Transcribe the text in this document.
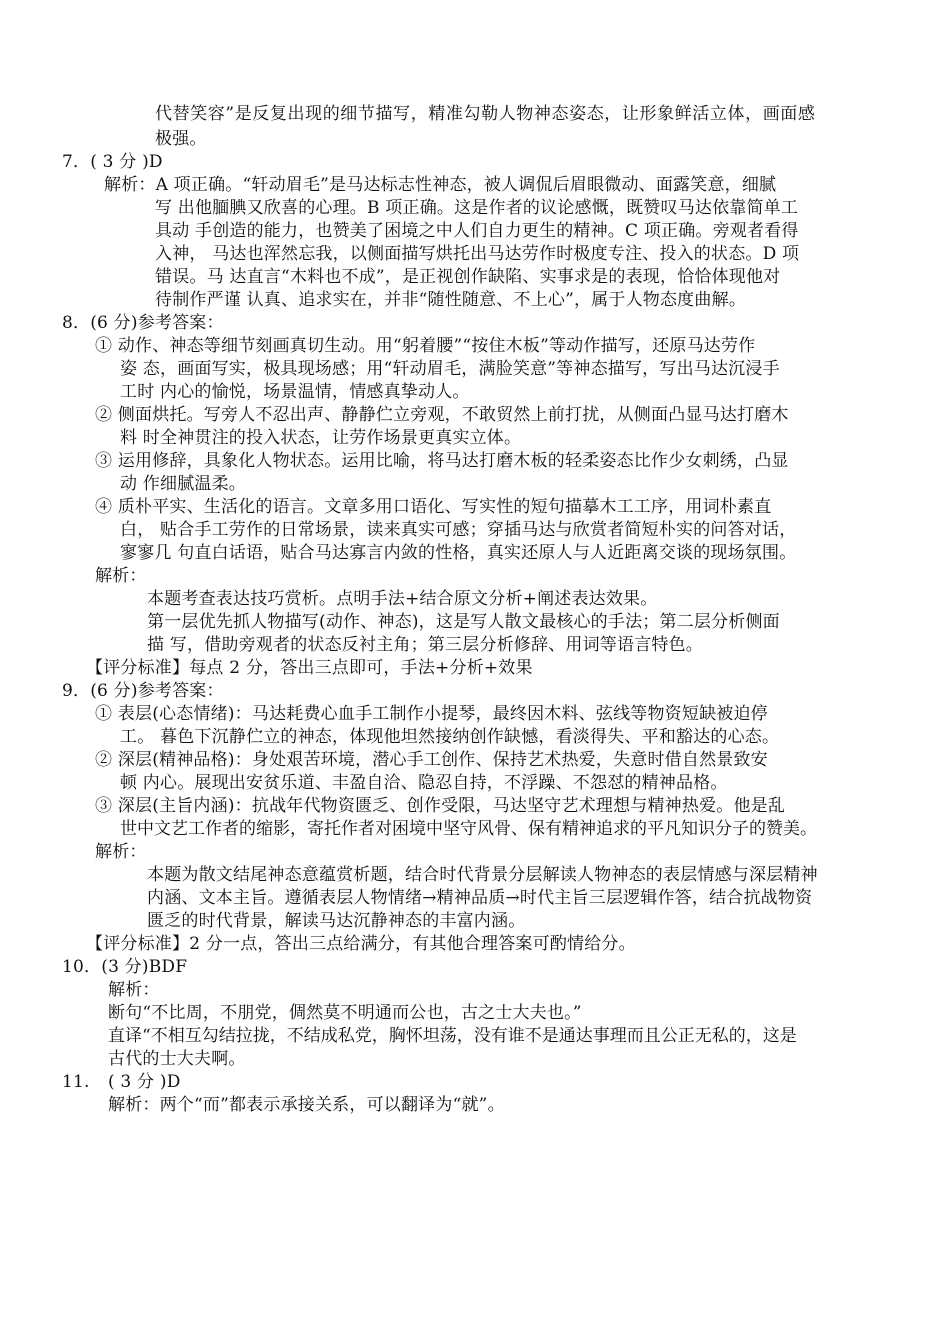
代替笑容”是反复出现的细节描写，精准勾勒人物神态姿态，让形象鲜活立体，画面感
极强。
7．( 3 分 )D
解析：A 项正确。“轩动眉毛”是马达标志性神态，被人调侃后眉眼微动、面露笑意，细腻
写 出他腼腆又欣喜的心理。B 项正确。这是作者的议论感慨，既赞叹马达依靠简单工
具动 手创造的能力，也赞美了困境之中人们自力更生的精神。C 项正确。旁观者看得
入神， 马达也浑然忘我，以侧面描写烘托出马达劳作时极度专注、投入的状态。D 项
错误。马 达直言“木料也不成”，是正视创作缺陷、实事求是的表现，恰恰体现他对
待制作严谨 认真、追求实在，并非“随性随意、不上心”，属于人物态度曲解。
8．(6 分)参考答案：
① 动作、神态等细节刻画真切生动。用“躬着腰”“按住木板”等动作描写，还原马达劳作
姿 态，画面写实，极具现场感；用“轩动眉毛，满脸笑意”等神态描写，写出马达沉浸手
工时 内心的愉悦，场景温情，情感真挚动人。
② 侧面烘托。写旁人不忍出声、静静伫立旁观，不敢贸然上前打扰，从侧面凸显马达打磨木
料 时全神贯注的投入状态，让劳作场景更真实立体。
③ 运用修辞，具象化人物状态。运用比喻，将马达打磨木板的轻柔姿态比作少女刺绣，凸显
动 作细腻温柔。
④ 质朴平实、生活化的语言。文章多用口语化、写实性的短句描摹木工工序，用词朴素直
白， 贴合手工劳作的日常场景，读来真实可感；穿插马达与欣赏者简短朴实的问答对话，
寥寥几 句直白话语，贴合马达寡言内敛的性格，真实还原人与人近距离交谈的现场氛围。
解析：
本题考查表达技巧赏析。点明手法+结合原文分析+阐述表达效果。
第一层优先抓人物描写(动作、神态)，这是写人散文最核心的手法；第二层分析侧面
描 写，借助旁观者的状态反衬主角；第三层分析修辞、用词等语言特色。
【评分标准】每点 2 分，答出三点即可，手法+分析+效果
9．(6 分)参考答案：
① 表层(心态情绪)：马达耗费心血手工制作小提琴，最终因木料、弦线等物资短缺被迫停
工。 暮色下沉静伫立的神态，体现他坦然接纳创作缺憾，看淡得失、平和豁达的心态。
② 深层(精神品格)：身处艰苦环境，潜心手工创作、保持艺术热爱，失意时借自然景致安
顿 内心。展现出安贫乐道、丰盈自洽、隐忍自持，不浮躁、不怨怼的精神品格。
③ 深层(主旨内涵)：抗战年代物资匮乏、创作受限，马达坚守艺术理想与精神热爱。他是乱
世中文艺工作者的缩影，寄托作者对困境中坚守风骨、保有精神追求的平凡知识分子的赞美。
解析：
本题为散文结尾神态意蕴赏析题，结合时代背景分层解读人物神态的表层情感与深层精神
内涵、文本主旨。遵循表层人物情绪→精神品质→时代主旨三层逻辑作答，结合抗战物资
匮乏的时代背景，解读马达沉静神态的丰富内涵。
【评分标准】2 分一点，答出三点给满分，有其他合理答案可酌情给分。
10．(3 分)BDF
解析：
断句“不比周，不朋党，倜然莫不明通而公也，古之士大夫也。”
直译“不相互勾结拉拢，不结成私党，胸怀坦荡，没有谁不是通达事理而且公正无私的，这是
古代的士大夫啊。
11. ( 3 分 )D
解析：两个“而”都表示承接关系，可以翻译为“就”。
